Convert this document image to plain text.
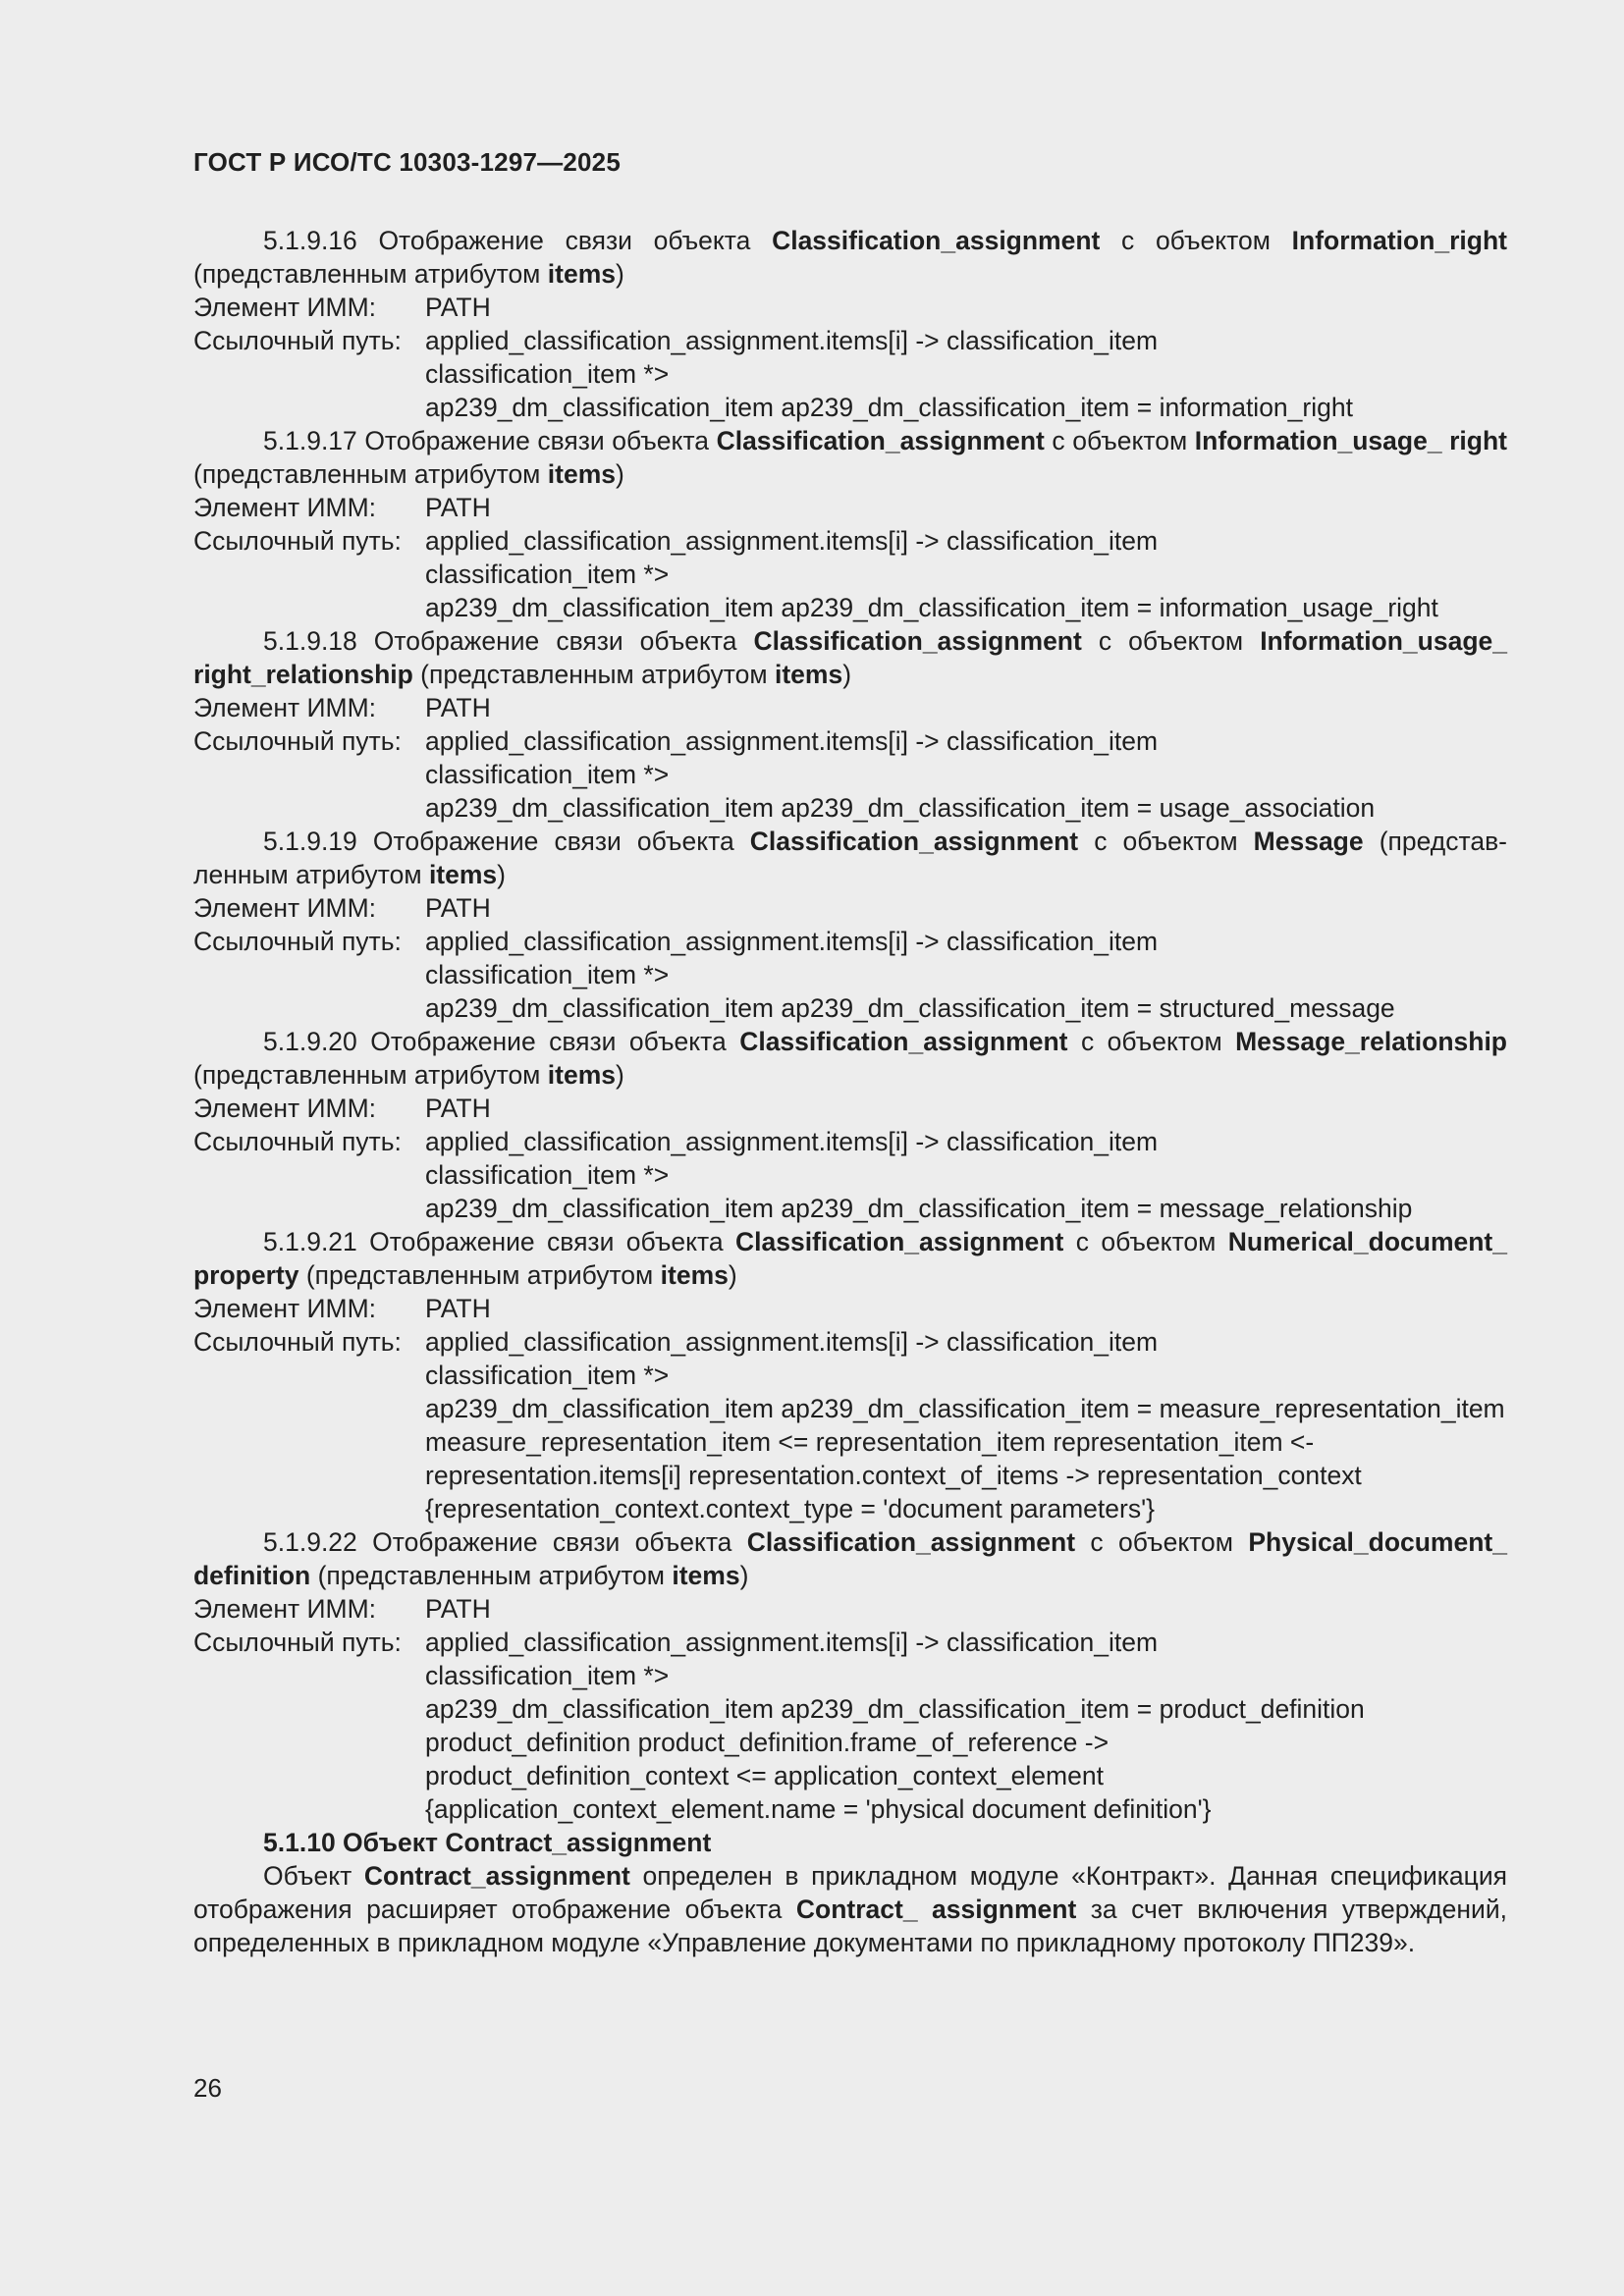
ГОСТ Р ИСО/ТС 10303-1297—2025

5.1.9.16 Отображение связи объекта Classification_assignment с объектом Information_right (представленным атрибутом items)

Элемент ИММ:	PATH
Ссылочный путь: applied_classification_assignment.items[i] -> classification_item
classification_item *>
ap239_dm_classification_item ap239_dm_classification_item = information_right

5.1.9.17 Отображение связи объекта Classification_assignment с объектом Information_usage_ right (представленным атрибутом items)

Элемент ИММ:	PATH
Ссылочный путь: applied_classification_assignment.items[i] -> classification_item
classification_item *>
ap239_dm_classification_item ap239_dm_classification_item = information_usage_right

5.1.9.18 Отображение связи объекта Classification_assignment с объектом Information_usage_ right_relationship (представленным атрибутом items)

Элемент ИММ:	PATH
Ссылочный путь: applied_classification_assignment.items[i] -> classification_item
classification_item *>
ap239_dm_classification_item ap239_dm_classification_item = usage_association

5.1.9.19 Отображение связи объекта Classification_assignment с объектом Message (представленным атрибутом items)

Элемент ИММ:	PATH
Ссылочный путь: applied_classification_assignment.items[i] -> classification_item
classification_item *>
ap239_dm_classification_item ap239_dm_classification_item = structured_message

5.1.9.20 Отображение связи объекта Classification_assignment с объектом Message_relationship (представленным атрибутом items)

Элемент ИММ:	PATH
Ссылочный путь: applied_classification_assignment.items[i] -> classification_item
classification_item *>
ap239_dm_classification_item ap239_dm_classification_item = message_relationship

5.1.9.21 Отображение связи объекта Classification_assignment с объектом Numerical_document_ property (представленным атрибутом items)

Элемент ИММ:	PATH
Ссылочный путь: applied_classification_assignment.items[i] -> classification_item
classification_item *>
ap239_dm_classification_item ap239_dm_classification_item = measure_representation_item
measure_representation_item <= representation_item representation_item <-
representation.items[i] representation.context_of_items -> representation_context
{representation_context.context_type = 'document parameters'}

5.1.9.22 Отображение связи объекта Classification_assignment с объектом Physical_document_ definition (представленным атрибутом items)

Элемент ИММ:	PATH
Ссылочный путь: applied_classification_assignment.items[i] -> classification_item
classification_item *>
ap239_dm_classification_item ap239_dm_classification_item = product_definition
product_definition product_definition.frame_of_reference ->
product_definition_context <= application_context_element
{application_context_element.name = 'physical document definition'}

5.1.10 Объект Contract_assignment

Объект Contract_assignment определен в прикладном модуле «Контракт». Данная спецификация отображения расширяет отображение объекта Contract_ assignment за счет включения утверждений, определенных в прикладном модуле «Управление документами по прикладному протоколу ПП239».

26
